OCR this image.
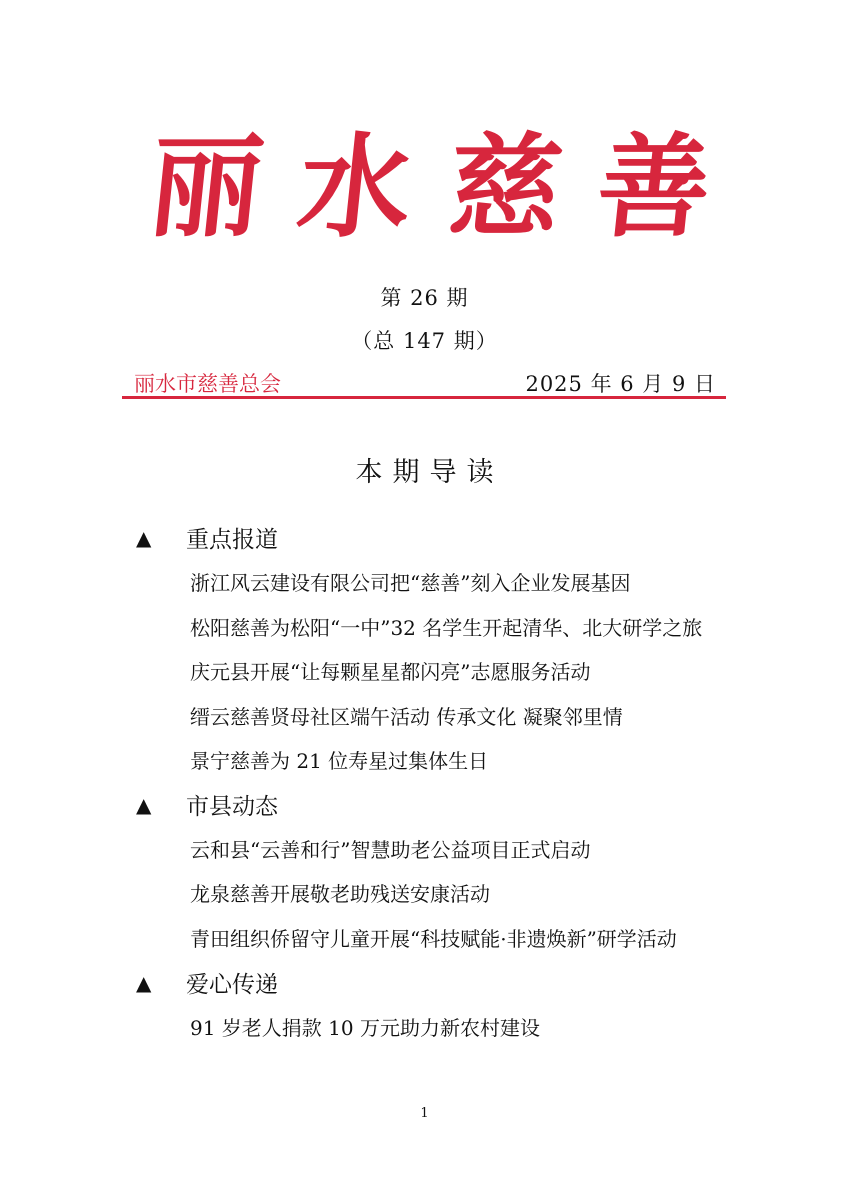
丽 水 慈 善
第 26 期
（总 147 期）
丽水市慈善总会	2025 年 6 月 9 日
本期导读
▲	重点报道
浙江风云建设有限公司把“慈善”刻入企业发展基因
松阳慈善为松阳“一中”32 名学生开起清华、北大研学之旅
庆元县开展“让每颗星星都闪亮”志愿服务活动
缙云慈善贤母社区端午活动 传承文化 凝聚邻里情
景宁慈善为 21 位寿星过集体生日
▲	市县动态
云和县“云善和行”智慧助老公益项目正式启动
龙泉慈善开展敬老助残送安康活动
青田组织侨留守儿童开展“科技赋能·非遗焕新”研学活动
▲	爱心传递
91 岁老人捐款 10 万元助力新农村建设
1
